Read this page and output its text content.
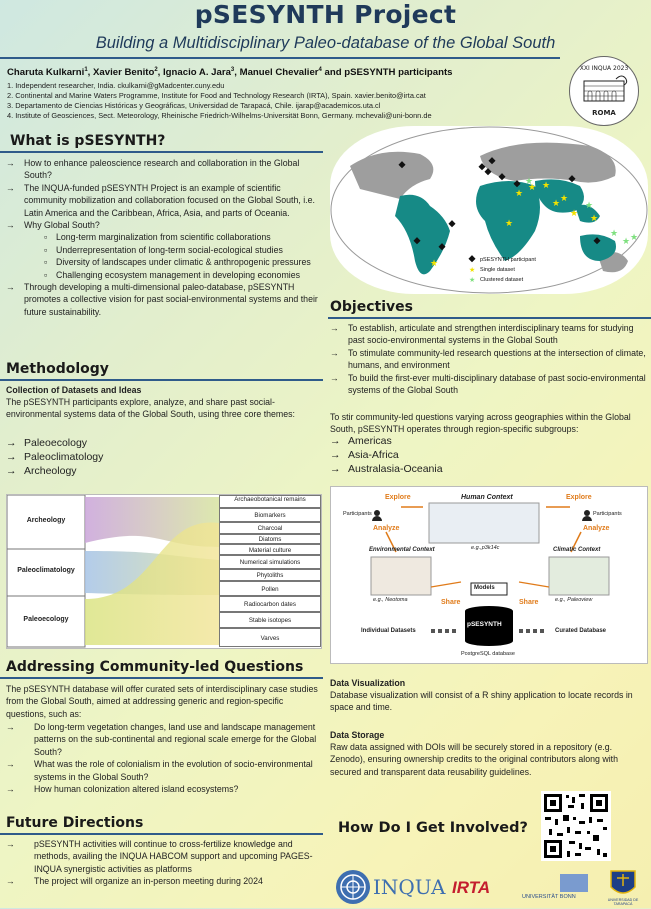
pSESYNTH Project
Building a Multidisciplinary Paleo-database of the Global South
Charuta Kulkarni$^1$, Xavier Benito$^2$, Ignacio A. Jara$^3$, Manuel Chevalier$^4$ and pSESYNTH participants
1. Independent researcher, India. ckulkarni@gMadcenter.cuny.edu
2. Continental and Marine Waters Programme, Institute for Food and Technology Research (IRTA), Spain. xavier.benito@irta.cat
3. Departamento de Ciencias Históricas y Geográficas, Universidad de Tarapacá, Chile. ijarap@academicos.uta.cl
4. Institute of Geosciences, Sect. Meteorology, Rheinische Friedrich-Wilhelms-Universität Bonn, Germany. mchevali@uni-bonn.de
XXI INQUA 2023
ROMA
What is pSESYNTH?
→ How to enhance paleoscience research and collaboration in the Global South?
→ The INQUA-funded pSESYNTH Project is an example of scientific community mobilization and collaboration focused on the Global South, i.e. Latin America and the Caribbean, Africa, Asia, and parts of Oceania.
→ Why Global South?
▫ Long-term marginalization from scientific collaborations
▫ Underrepresentation of long-term social-ecological studies
▫ Diversity of landscapes under climatic & anthropogenic pressures
▫ Challenging ecosystem management in developing economies
→ Through developing a multi-dimensional paleo-database, pSESYNTH promotes a collective vision for past social-environmental systems and their future sustainability.
★
★ ★
★ ★
★
★
★
★
★
★ ★
★
★
pSESYNTH participant
★ Single dataset
★ Clustered dataset
Methodology
Collection of Datasets and Ideas
The pSESYNTH participants explore, analyze, and share past social-environmental systems data of the Global South, using three core themes:
→ Paleoecology
→ Paleoclimatology
→ Archeology
Archeology
Paleoclimatology
Paleoecology
Archaeobotanical remains
Biomarkers
Charcoal
Diatoms
Material culture
Numerical simulations
Phytoliths
Pollen
Radiocarbon dates
Stable isotopes
Varves
Objectives
→ To establish, articulate and strengthen interdisciplinary teams for studying past socio-environmental systems in the Global South
→ To stimulate community-led research questions at the intersection of climate, humans, and environment
→ To build the first-ever multi-disciplinary database of past socio-environmental systems of the Global South
To stir community-led questions varying across geographies within the Global South, pSESYNTH operates through region-specific subgroups:
→ Americas
→ Asia-Africa
→ Australasia-Oceania
Explore	Explore
Participants	Participants
Human Context
e.g.,p3k14c
Analyze	Analyze
Environmental Context	Climatic Context
e.g., Neotoma	e.g., Paleoview
Models
Share	Share
pSESYNTH
Individual Datasets	Curated Database
PostgreSQL database
Addressing Community-led Questions
The pSESYNTH database will offer curated sets of interdisciplinary case studies from the Global South, aimed at addressing generic and region-specific questions, such as:
→ Do long-term vegetation changes, land use and landscape management patterns on the sub-continental and regional scale emerge for the Global South?
→ What was the role of colonialism in the evolution of socio-environmental systems in the Global South?
→ How human colonization altered island ecosystems?
Future Directions
→ pSESYNTH activities will continue to cross-fertilize knowledge and methods, availing the INQUA HABCOM support and upcoming PAGES-INQUA synergistic activities as platforms
→ The project will organize an in-person meeting during 2024
Data Visualization
Database visualization will consist of a R shiny application to locate records in space and time.
Data Storage
Raw data assigned with DOIs will be securely stored in a repository (e.g. Zenodo), ensuring ownership credits to the original contributors along with secured and transparent data reusability guidelines.
How Do I Get Involved?
INQUA IRTA	UNIVERSITÄT BONN	UNIVERSIDAD DE TARAPACÁ
